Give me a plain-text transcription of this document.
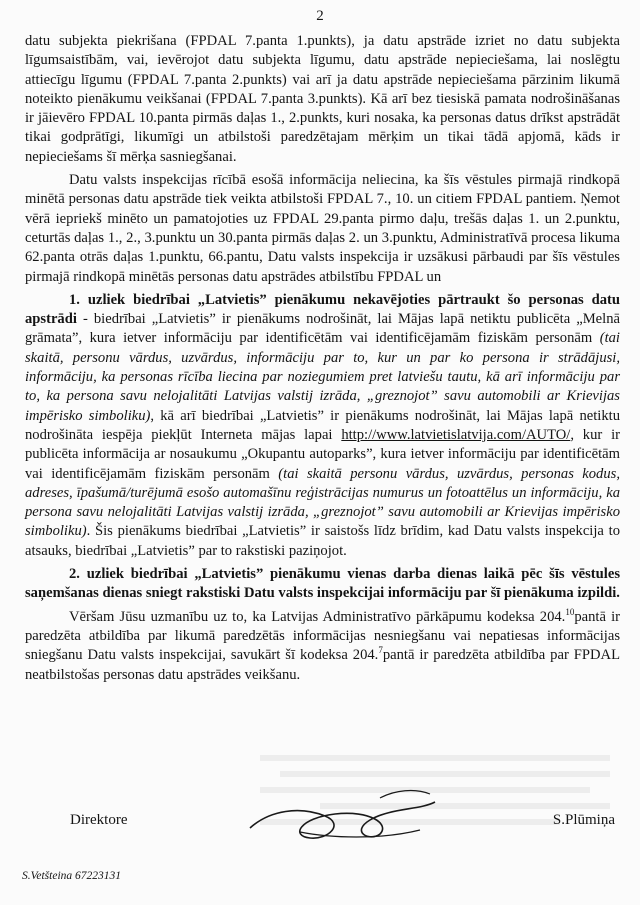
2

datu subjekta piekrišana (FPDAL 7.panta 1.punkts), ja datu apstrāde izriet no datu subjekta līgumsaistībām, vai, ievērojot datu subjekta līgumu, datu apstrāde nepieciešama, lai noslēgtu attiecīgu līgumu (FPDAL 7.panta 2.punkts) vai arī ja datu apstrāde nepieciešama pārzinim likumā noteikto pienākumu veikšanai (FPDAL 7.panta 3.punkts). Kā arī bez tiesiskā pamata nodrošināšanas ir jāievēro FPDAL 10.panta pirmās daļas 1., 2.punkts, kuri nosaka, ka personas datus drīkst apstrādāt tikai godprātīgi, likumīgi un atbilstoši paredzētajam mērķim un tikai tādā apjomā, kāds ir nepieciešams šī mērķa sasniegšanai.

Datu valsts inspekcijas rīcībā esošā informācija neliecina, ka šīs vēstules pirmajā rindkopā minētā personas datu apstrāde tiek veikta atbilstoši FPDAL 7., 10. un citiem FPDAL pantiem. Ņemot vērā iepriekš minēto un pamatojoties uz FPDAL 29.panta pirmo daļu, trešās daļas 1. un 2.punktu, ceturtās daļas 1., 2., 3.punktu un 30.panta pirmās daļas 2. un 3.punktu, Administratīvā procesa likuma 62.panta otrās daļas 1.punktu, 66.pantu, Datu valsts inspekcija ir uzsākusi pārbaudi par šīs vēstules pirmajā rindkopā minētās personas datu apstrādes atbilstību FPDAL un

1. uzliek biedrībai „Latvietis” pienākumu nekavējoties pārtraukt šo personas datu apstrādi - biedrībai „Latvietis” ir pienākums nodrošināt, lai Mājas lapā netiktu publicēta „Melnā grāmata”, kura ietver informāciju par identificētām vai identificējamām fiziskām personām (tai skaitā, personu vārdus, uzvārdus, informāciju par to, kur un par ko persona ir strādājusi, informāciju, ka personas rīcība liecina par noziegumiem pret latviešu tautu, kā arī informāciju par to, ka persona savu nelojalitāti Latvijas valstij izrāda, „greznojot” savu automobili ar Krievijas impērisko simboliku), kā arī biedrībai „Latvietis” ir pienākums nodrošināt, lai Mājas lapā netiktu nodrošināta iespēja piekļūt Interneta mājas lapai http://www.latvietislatvija.com/AUTO/, kur ir publicēta informācija ar nosaukumu „Okupantu autoparks”, kura ietver informāciju par identificētām vai identificējamām fiziskām personām (tai skaitā personu vārdus, uzvārdus, personas kodus, adreses, īpašumā/turējumā esošo automašīnu reģistrācijas numurus un fotoattēlus un informāciju, ka persona savu nelojalitāti Latvijas valstij izrāda, „greznojot” savu automobili ar Krievijas impērisko simboliku). Šis pienākums biedrībai „Latvietis” ir saistošs līdz brīdim, kad Datu valsts inspekcija to atsauks, biedrībai „Latvietis” par to rakstiski paziņojot.

2. uzliek biedrībai „Latvietis” pienākumu vienas darba dienas laikā pēc šīs vēstules saņemšanas dienas sniegt rakstiski Datu valsts inspekcijai informāciju par šī pienākuma izpildi.

Vēršam Jūsu uzmanību uz to, ka Latvijas Administratīvo pārkāpumu kodeksa 204.10pantā ir paredzēta atbildība par likumā paredzētās informācijas nesniegšanu vai nepatiesas informācijas sniegšanu Datu valsts inspekcijai, savukārt šī kodeksa 204.$^7$pantā ir paredzēta atbildība par FPDAL neatbilstošas personas datu apstrādes veikšanu.

Direktore	S.Plūmiņa
S.Vetšteina 67223131
